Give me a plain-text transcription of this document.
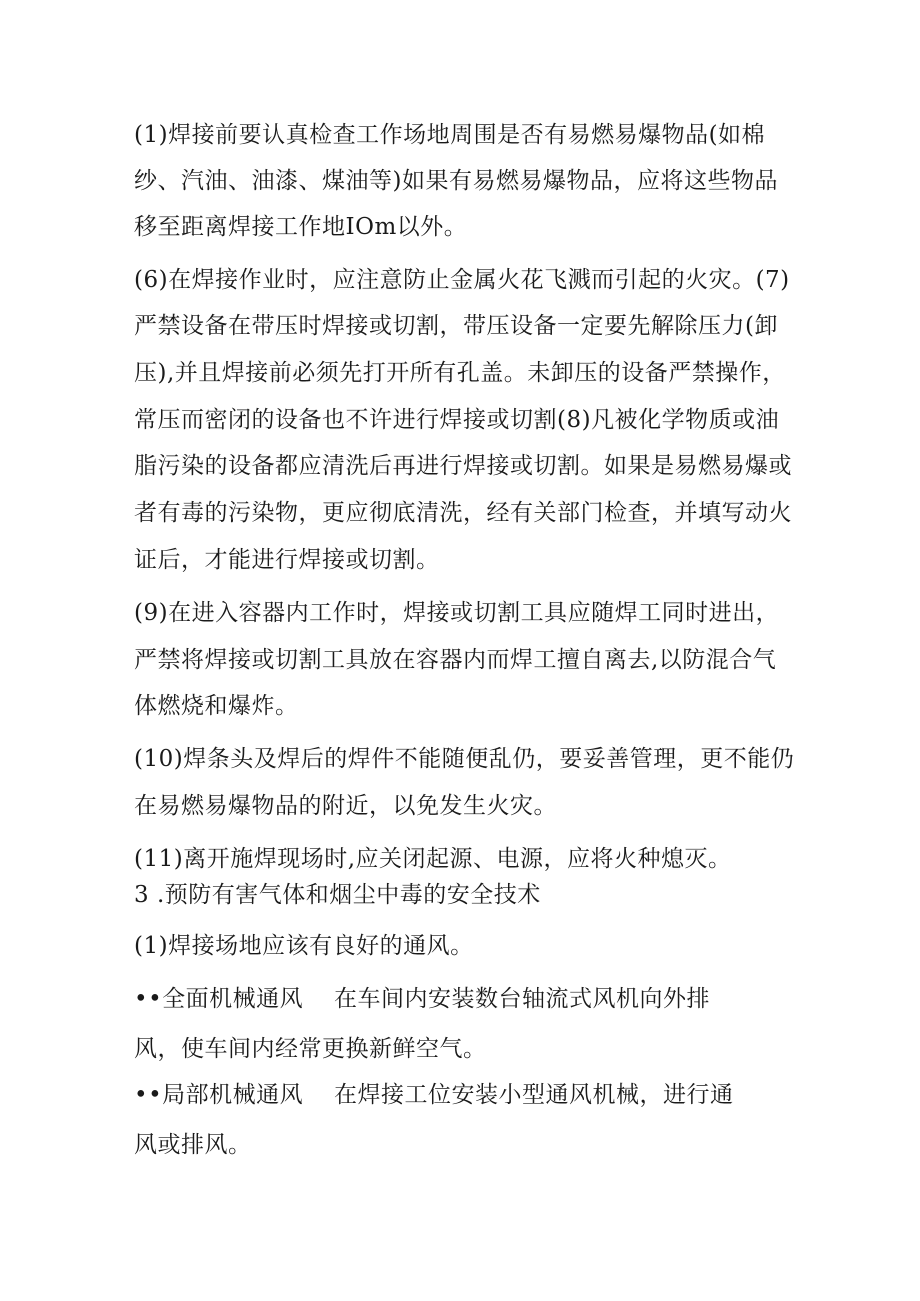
(1)焊接前要认真检查工作场地周围是否有易燃易爆物品(如棉
纱、汽油、油漆、煤油等)如果有易燃易爆物品，应将这些物品
移至距离焊接工作地IOm以外。
(6)在焊接作业时，应注意防止金属火花飞溅而引起的火灾。(7)
严禁设备在带压时焊接或切割，带压设备一定要先解除压力(卸
压),并且焊接前必须先打开所有孔盖。未卸压的设备严禁操作，
常压而密闭的设备也不许进行焊接或切割(8)凡被化学物质或油
脂污染的设备都应清洗后再进行焊接或切割。如果是易燃易爆或
者有毒的污染物，更应彻底清洗，经有关部门检查，并填写动火
证后，才能进行焊接或切割。
(9)在进入容器内工作时，焊接或切割工具应随焊工同时进出，
严禁将焊接或切割工具放在容器内而焊工擅自离去,以防混合气
体燃烧和爆炸。
(10)焊条头及焊后的焊件不能随便乱仍，要妥善管理，更不能仍
在易燃易爆物品的附近，以免发生火灾。
(11)离开施焊现场时,应关闭起源、电源，应将火种熄灭。
3 .预防有害气体和烟尘中毒的安全技术
(1)焊接场地应该有良好的通风。
••全面机械通风 在车间内安装数台轴流式风机向外排
风，使车间内经常更换新鲜空气。
••局部机械通风 在焊接工位安装小型通风机械，进行通
风或排风。
